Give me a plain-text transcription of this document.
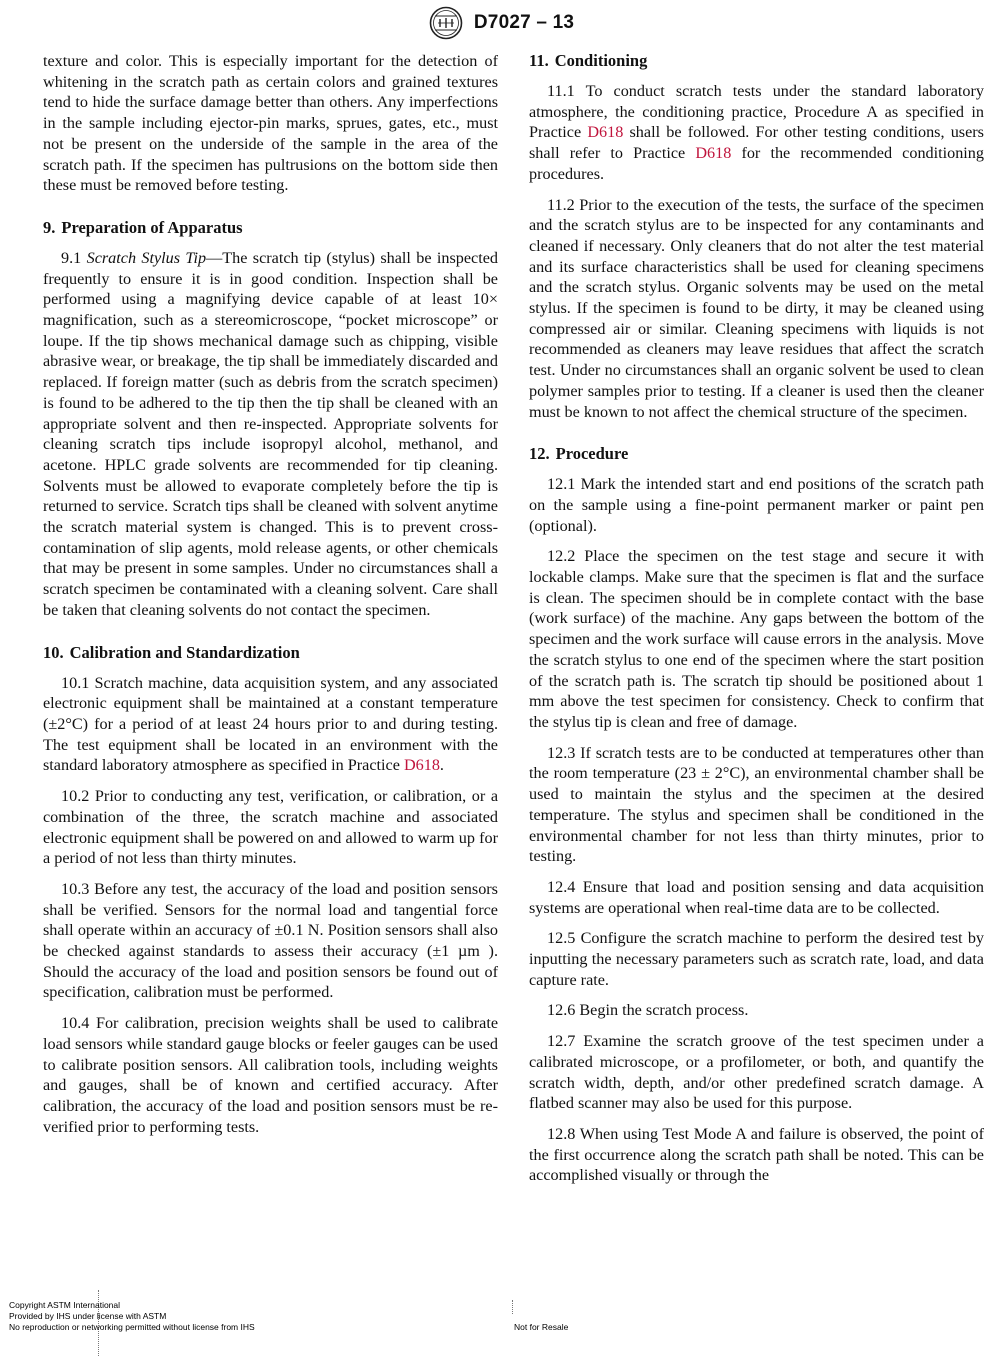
D7027 – 13

texture and color. This is especially important for the detection of whitening in the scratch path as certain colors and grained textures tend to hide the surface damage better than others. Any imperfections in the sample including ejector-pin marks, sprues, gates, etc., must not be present on the underside of the sample in the area of the scratch path. If the specimen has pultrusions on the bottom side then these must be removed before testing.

9. Preparation of Apparatus

9.1 Scratch Stylus Tip—The scratch tip (stylus) shall be inspected frequently to ensure it is in good condition. Inspection shall be performed using a magnifying device capable of at least 10× magnification, such as a stereomicroscope, “pocket microscope” or loupe. If the tip shows mechanical damage such as chipping, visible abrasive wear, or breakage, the tip shall be immediately discarded and replaced. If foreign matter (such as debris from the scratch specimen) is found to be adhered to the tip then the tip shall be cleaned with an appropriate solvent and then re-inspected. Appropriate solvents for cleaning scratch tips include isopropyl alcohol, methanol, and acetone. HPLC grade solvents are recommended for tip cleaning. Solvents must be allowed to evaporate completely before the tip is returned to service. Scratch tips shall be cleaned with solvent anytime the scratch material system is changed. This is to prevent cross-contamination of slip agents, mold release agents, or other chemicals that may be present in some samples. Under no circumstances shall a scratch specimen be contaminated with a cleaning solvent. Care shall be taken that cleaning solvents do not contact the specimen.

10. Calibration and Standardization

10.1 Scratch machine, data acquisition system, and any associated electronic equipment shall be maintained at a constant temperature (±2°C) for a period of at least 24 hours prior to and during testing. The test equipment shall be located in an environment with the standard laboratory atmosphere as specified in Practice D618.

10.2 Prior to conducting any test, verification, or calibration, or a combination of the three, the scratch machine and associated electronic equipment shall be powered on and allowed to warm up for a period of not less than thirty minutes.

10.3 Before any test, the accuracy of the load and position sensors shall be verified. Sensors for the normal load and tangential force shall operate within an accuracy of ±0.1 N. Position sensors shall also be checked against standards to assess their accuracy (±1 µm ). Should the accuracy of the load and position sensors be found out of specification, calibration must be performed.

10.4 For calibration, precision weights shall be used to calibrate load sensors while standard gauge blocks or feeler gauges can be used to calibrate position sensors. All calibration tools, including weights and gauges, shall be of known and certified accuracy. After calibration, the accuracy of the load and position sensors must be re-verified prior to performing tests.

11. Conditioning

11.1 To conduct scratch tests under the standard laboratory atmosphere, the conditioning practice, Procedure A as specified in Practice D618 shall be followed. For other testing conditions, users shall refer to Practice D618 for the recommended conditioning procedures.

11.2 Prior to the execution of the tests, the surface of the specimen and the scratch stylus are to be inspected for any contaminants and cleaned if necessary. Only cleaners that do not alter the test material and its surface characteristics shall be used for cleaning specimens and the scratch stylus. Organic solvents may be used on the metal stylus. If the specimen is found to be dirty, it may be cleaned using compressed air or similar. Cleaning specimens with liquids is not recommended as cleaners may leave residues that affect the scratch test. Under no circumstances shall an organic solvent be used to clean polymer samples prior to testing. If a cleaner is used then the cleaner must be known to not affect the chemical structure of the specimen.

12. Procedure

12.1 Mark the intended start and end positions of the scratch path on the sample using a fine-point permanent marker or paint pen (optional).

12.2 Place the specimen on the test stage and secure it with lockable clamps. Make sure that the specimen is flat and the surface is clean. The specimen should be in complete contact with the base (work surface) of the machine. Any gaps between the bottom of the specimen and the work surface will cause errors in the analysis. Move the scratch stylus to one end of the specimen where the start position of the scratch path is. The scratch tip should be positioned about 1 mm above the test specimen for consistency. Check to confirm that the stylus tip is clean and free of damage.

12.3 If scratch tests are to be conducted at temperatures other than the room temperature (23 ± 2°C), an environmental chamber shall be used to maintain the stylus and the specimen at the desired temperature. The stylus and specimen shall be conditioned in the environmental chamber for not less than thirty minutes, prior to testing.

12.4 Ensure that load and position sensing and data acquisition systems are operational when real-time data are to be collected.

12.5 Configure the scratch machine to perform the desired test by inputting the necessary parameters such as scratch rate, load, and data capture rate.

12.6 Begin the scratch process.

12.7 Examine the scratch groove of the test specimen under a calibrated microscope, or a profilometer, or both, and quantify the scratch width, depth, and/or other predefined scratch damage. A flatbed scanner may also be used for this purpose.

12.8 When using Test Mode A and failure is observed, the point of the first occurrence along the scratch path shall be noted. This can be accomplished visually or through the

Copyright ASTM International
Provided by IHS under license with ASTM
No reproduction or networking permitted without license from IHS	Not for Resale
